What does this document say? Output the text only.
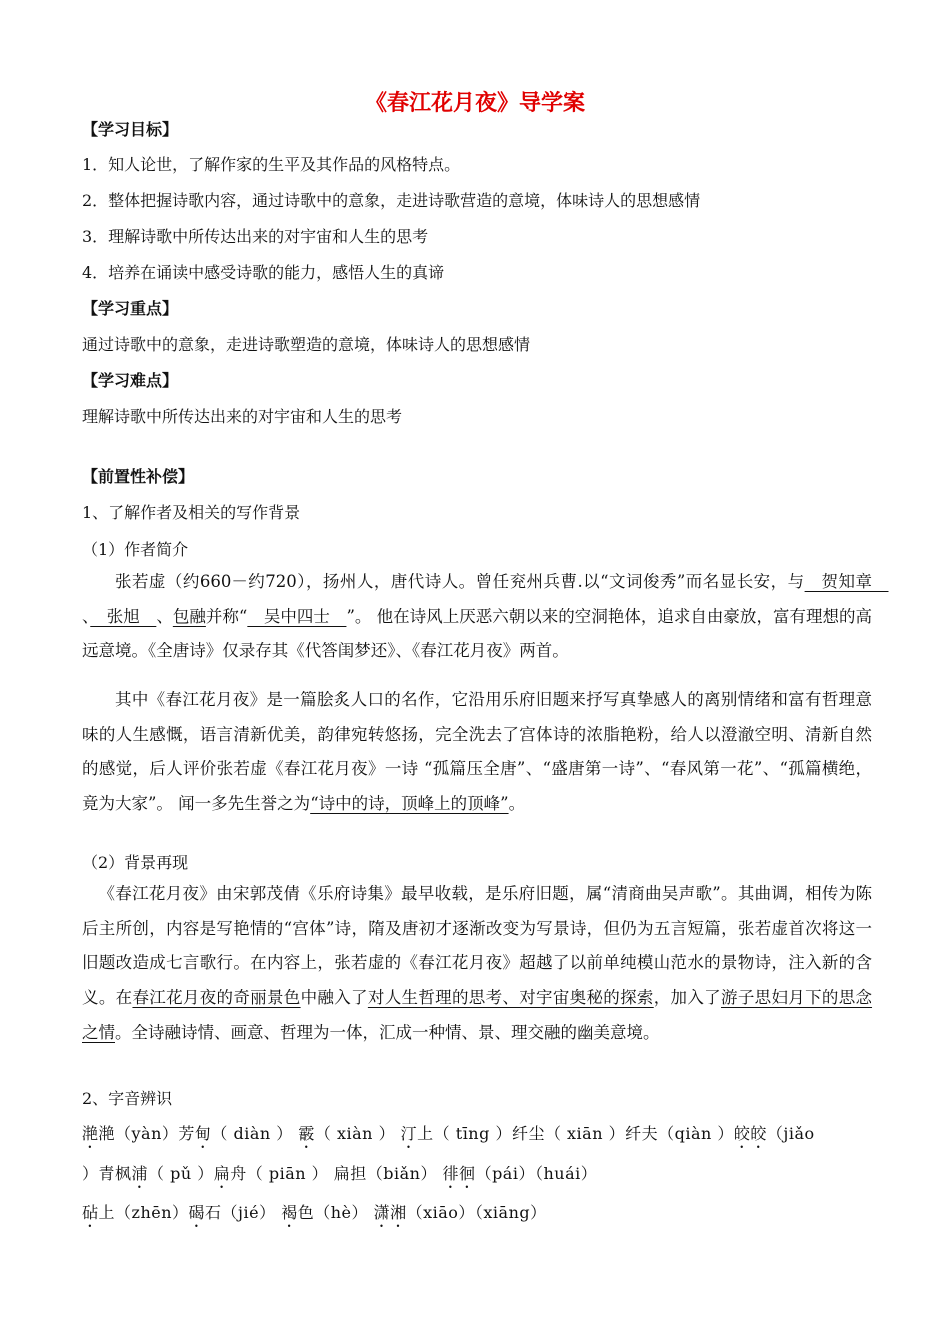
《春江花月夜》导学案
【学习目标】
1．知人论世，了解作家的生平及其作品的风格特点。
2．整体把握诗歌内容，通过诗歌中的意象，走进诗歌营造的意境，体味诗人的思想感情
3．理解诗歌中所传达出来的对宇宙和人生的思考
4．培养在诵读中感受诗歌的能力，感悟人生的真谛
【学习重点】
通过诗歌中的意象，走进诗歌塑造的意境，体味诗人的思想感情
【学习难点】
理解诗歌中所传达出来的对宇宙和人生的思考
【前置性补偿】
1、了解作者及相关的写作背景
（1）作者简介
张若虚（约660－约720），扬州人，唐代诗人。曾任兖州兵曹.以“文词俊秀”而名显长安，与　贺知章　、　张旭　、包融并称“　吴中四士　”。 他在诗风上厌恶六朝以来的空洞艳体，追求自由豪放，富有理想的高远意境。《全唐诗》仅录存其《代答闺梦还》、《春江花月夜》两首。
其中《春江花月夜》是一篇脍炙人口的名作，它沿用乐府旧题来抒写真挚感人的离别情绪和富有哲理意味的人生感慨，语言清新优美，韵律宛转悠扬，完全洗去了宫体诗的浓脂艳粉，给人以澄澈空明、清新自然的感觉，后人评价张若虚《春江花月夜》一诗 “孤篇压全唐”、“盛唐第一诗”、“春风第一花”、“孤篇横绝，竟为大家”。 闻一多先生誉之为“诗中的诗，顶峰上的顶峰”。
（2）背景再现
《春江花月夜》由宋郭茂倩《乐府诗集》最早收载，是乐府旧题，属“清商曲吴声歌”。其曲调，相传为陈后主所创，内容是写艳情的“宫体”诗，隋及唐初才逐渐改变为写景诗，但仍为五言短篇，张若虚首次将这一旧题改造成七言歌行。在内容上，张若虚的《春江花月夜》超越了以前单纯模山范水的景物诗，注入新的含义。在春江花月夜的奇丽景色中融入了对人生哲理的思考、对宇宙奥秘的探索，加入了游子思妇月下的思念之情。全诗融诗情、画意、哲理为一体，汇成一种情、景、理交融的幽美意境。
2、字音辨识
滟滟（yàn）芳甸（ diàn ） 霰（ xiàn ） 汀上（ tīng ）纤尘（ xiān ）纤夫（qiàn ）皎皎（jiǎo
）青枫浦（ pǔ ）扁舟（ piān ） 扁担（biǎn） 徘徊（pái）（huái）
砧上（zhēn）碣石（jié） 褐色（hè） 潇湘（xiāo）（xiāng）
